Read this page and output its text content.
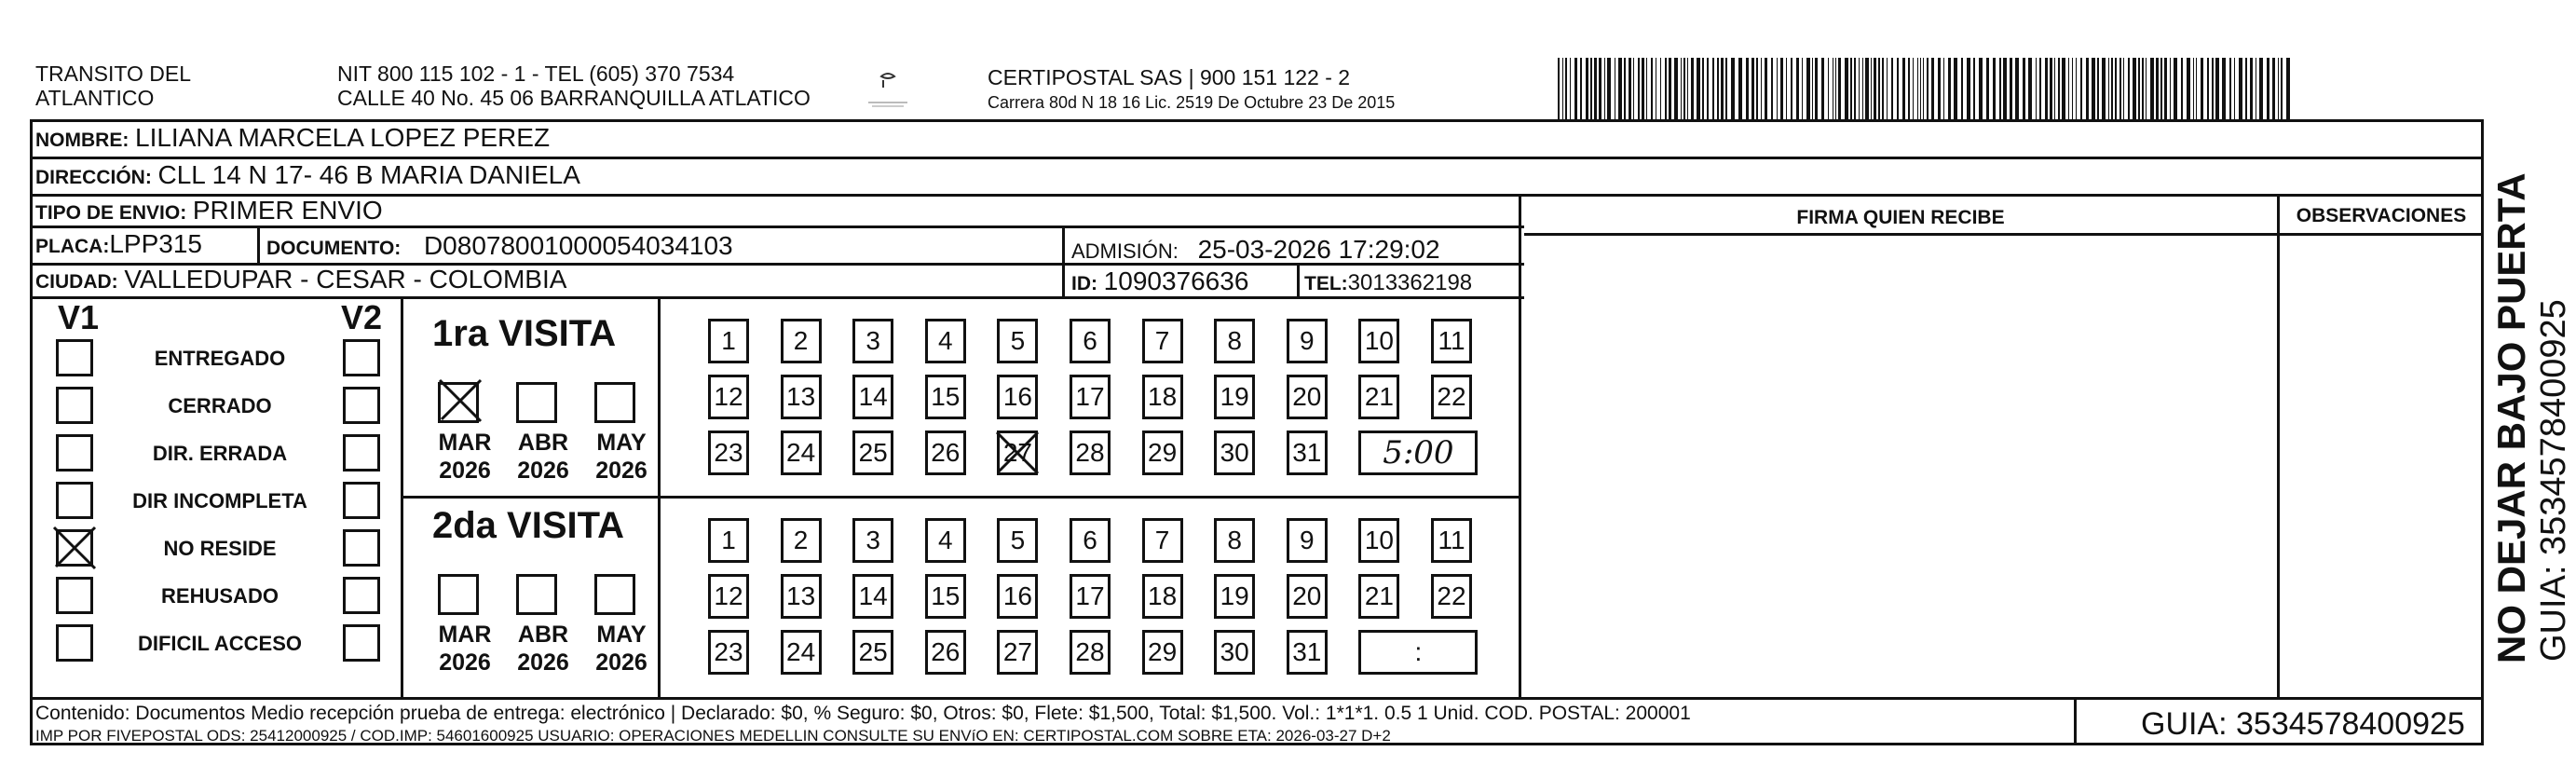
TRANSITO DEL
ATLANTICO
NIT 800 115 102 - 1 - TEL (605) 370 7534
CALLE 40 No. 45 06 BARRANQUILLA ATLATICO
CERTIPOSTAL SAS | 900 151 122 - 2
Carrera 80d N 18 16 Lic. 2519 De Octubre 23 De 2015
NOMBRE: LILIANA MARCELA LOPEZ PEREZ
DIRECCIÓN: CLL 14 N 17- 46 B MARIA DANIELA
TIPO DE ENVIO: PRIMER ENVIO	FIRMA QUIEN RECIBE	OBSERVACIONES
PLACA:LPP315	DOCUMENTO: D08078001000054034103	ADMISIÓN: 25-03-2026 17:29:02
CIUDAD: VALLEDUPAR - CESAR - COLOMBIA	ID: 1090376636	TEL:3013362198
V1	V2
ENTREGADO
CERRADO
DIR. ERRADA
DIR INCOMPLETA
NO RESIDE
REHUSADO
DIFICIL ACCESO
1ra VISITA
MAR
2026
ABR
2026
MAY
2026
1	2	3	4	5	6	7	8	9	10 11
12 13 14 15 16 17 18 19 20 21 22
23 24 25 26 27 28 29 30 31	5:00
2da VISITA
MAR
2026
ABR
2026
MAY
2026
1	2	3	4	5	6	7	8	9	10 11
12 13 14 15 16 17 18 19 20 21 22
23 24 25 26 27 28 29 30 31	:
Contenido: Documentos Medio recepción prueba de entrega: electrónico | Declarado: $0, % Seguro: $0, Otros: $0, Flete: $1,500, Total: $1,500. Vol.: 1*1*1. 0.5 1 Unid. COD. POSTAL: 200001
IMP POR FIVEPOSTAL ODS: 25412000925 / COD.IMP: 54601600925 USUARIO: OPERACIONES MEDELLIN CONSULTE SU ENVíO EN: CERTIPOSTAL.COM SOBRE ETA: 2026-03-27 D+2	GUIA: 3534578400925
NO DEJAR BAJO PUERTA GUIA: 3534578400925
